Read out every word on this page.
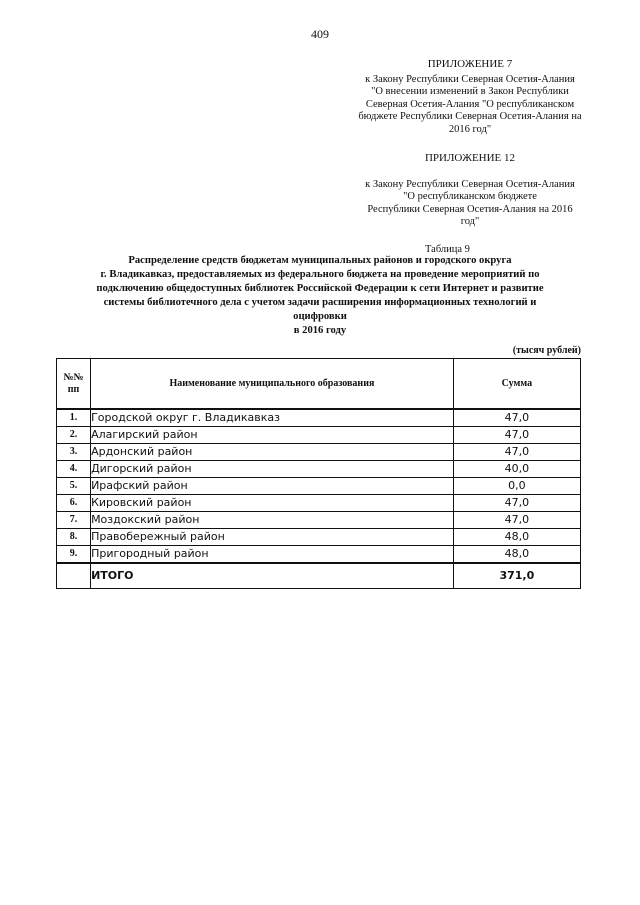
409
ПРИЛОЖЕНИЕ 7
к Закону Республики Северная Осетия-Алания
"О внесении изменений в Закон Республики
Северная Осетия-Алания "О республиканском
бюджете Республики Северная Осетия-Алания на
2016 год"
ПРИЛОЖЕНИЕ 12
к Закону Республики Северная Осетия-Алания
"О республиканском бюджете
Республики Северная Осетия-Алания на 2016
год"
Таблица 9
Распределение средств бюджетам муниципальных районов и городского округа
г. Владикавказ, предоставляемых из федерального бюджета на проведение мероприятий по
подключению общедоступных библиотек Российской Федерации к сети Интернет и развитие
системы библиотечного дела с учетом задачи расширения информационных технологий и
оцифровки
в 2016 году
(тысяч рублей)
№№
пп	Наименование муниципального образования	Сумма
1.	Городской округ г. Владикавказ	47,0
2.	Алагирский район	47,0
3.	Ардонский район	47,0
4.	Дигорский район	40,0
5.	Ирафский район	0,0
6.	Кировский район	47,0
7.	Моздокский район	47,0
8.	Правобережный район	48,0
9.	Пригородный район	48,0
	ИТОГО	371,0
